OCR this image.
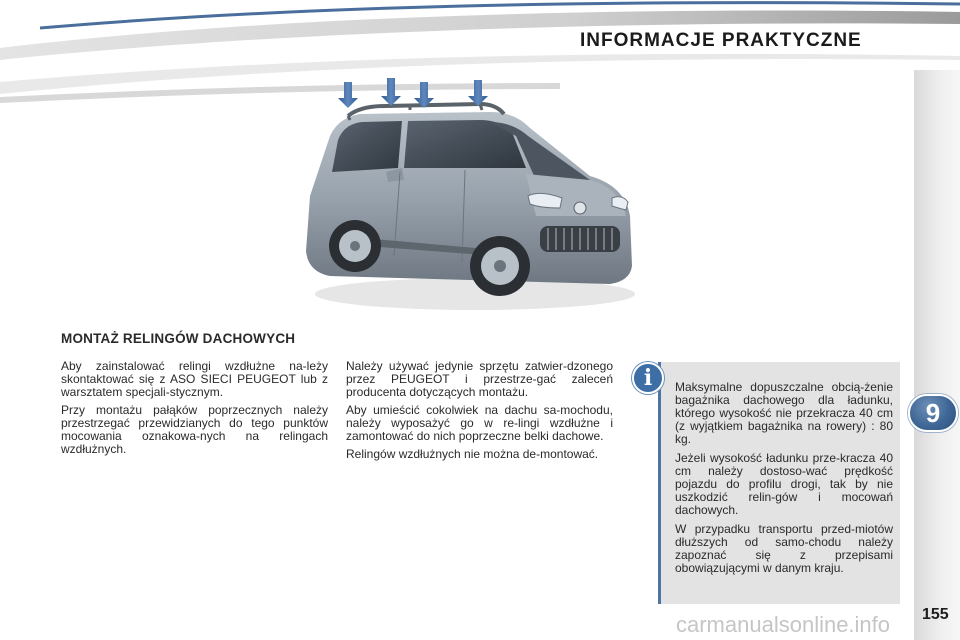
INFORMACJE PRAKTYCZNE
9
MONTAŻ RELINGÓW DACHOWYCH

Aby zainstalować relingi wzdłużne na-leży skontaktować się z ASO SIECI PEUGEOT lub z warsztatem specjali-stycznym.

Przy montażu pałąków poprzecznych należy przestrzegać przewidzianych do tego punktów mocowania oznakowa-nych na relingach wzdłużnych.

Należy używać jedynie sprzętu zatwier-dzonego przez PEUGEOT i przestrze-gać zaleceń producenta dotyczących montażu.

Aby umieścić cokolwiek na dachu sa-mochodu, należy wyposażyć go w re-lingi wzdłużne i zamontować do nich poprzeczne belki dachowe.

Relingów wzdłużnych nie można de-montować.

i	Maksymalne dopuszczalne obcią-żenie bagażnika dachowego dla ładunku, którego wysokość nie przekracza 40 cm (z wyjątkiem bagażnika na rowery) : 80 kg.

Jeżeli wysokość ładunku prze-kracza 40 cm należy dostoso-wać prędkość pojazdu do profilu drogi, tak by nie uszkodzić relin-gów i mocowań dachowych.

W przypadku transportu przed-miotów dłuższych od samo-chodu należy zapoznać się z przepisami obowiązującymi w danym kraju.

carmanualsonline.info 155
